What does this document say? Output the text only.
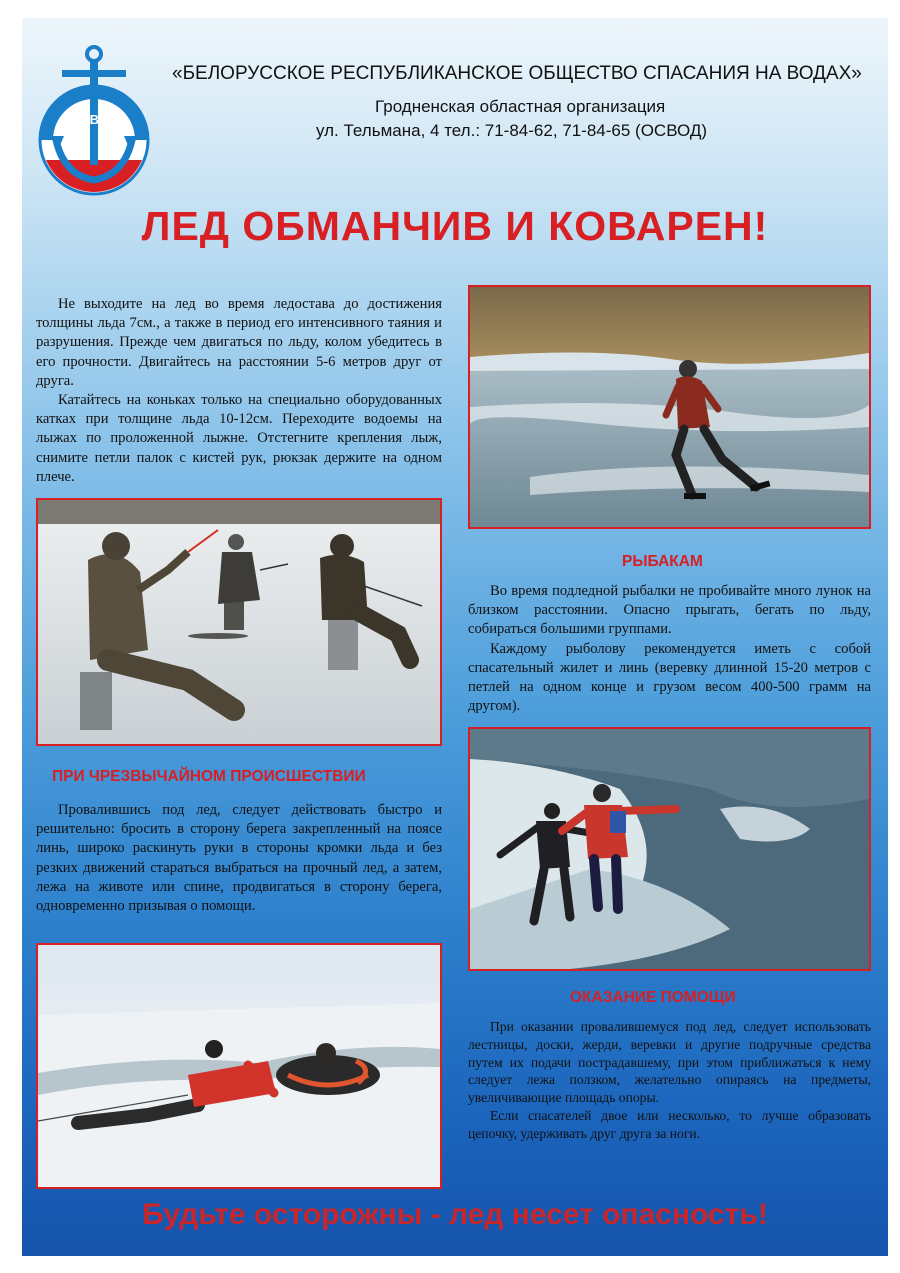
ОСВОД
«БЕЛОРУССКОЕ РЕСПУБЛИКАНСКОЕ ОБЩЕСТВО СПАСАНИЯ НА ВОДАХ»
Гродненская областная организация
ул. Тельмана, 4 тел.: 71-84-62, 71-84-65 (ОСВОД)
ЛЕД ОБМАНЧИВ И КОВАРЕН!

Не выходите на лед во время ледостава до достижения толщины льда 7см., а также в период его интенсивного таяния и разрушения. Прежде чем двигаться по льду, колом убедитесь в его прочности. Двигайтесь на расстоянии 5-6 метров друг от друга.

Катайтесь на коньках только на специально оборудованных катках при толщине льда 10-12см. Переходите водоемы на лыжах по проложенной лыжне. Отстегните крепления лыж, снимите петли палок с кистей рук, рюкзак держите на одном плече.

РЫБАКАМ

Во время подледной рыбалки не пробивайте много лунок на близком расстоянии. Опасно прыгать, бегать по льду, собираться большими группами.

Каждому рыболову рекомендуется иметь с собой спасательный жилет и линь (веревку длинной 15-20 метров с петлей на одном конце и грузом весом 400-500 грамм на другом).

ПРИ ЧРЕЗВЫЧАЙНОМ ПРОИСШЕСТВИИ

Провалившись под лед, следует действовать быстро и решительно: бросить в сторону берега закрепленный на поясе линь, широко раскинуть руки в стороны кромки льда и без резких движений стараться выбраться на прочный лед, а затем, лежа на животе или спине, продвигаться в сторону берега, одновременно призывая о помощи.

ОКАЗАНИЕ ПОМОЩИ

При оказании провалившемуся под лед, следует использовать лестницы, доски, жерди, веревки и другие подручные средства путем их подачи пострадавшему, при этом приближаться к нему следует лежа ползком, желательно опираясь на предметы, увеличивающие площадь опоры.

Если спасателей двое или несколько, то лучше образовать цепочку, удерживать друг друга за ноги.

Будьте осторожны - лед несет опасность!
